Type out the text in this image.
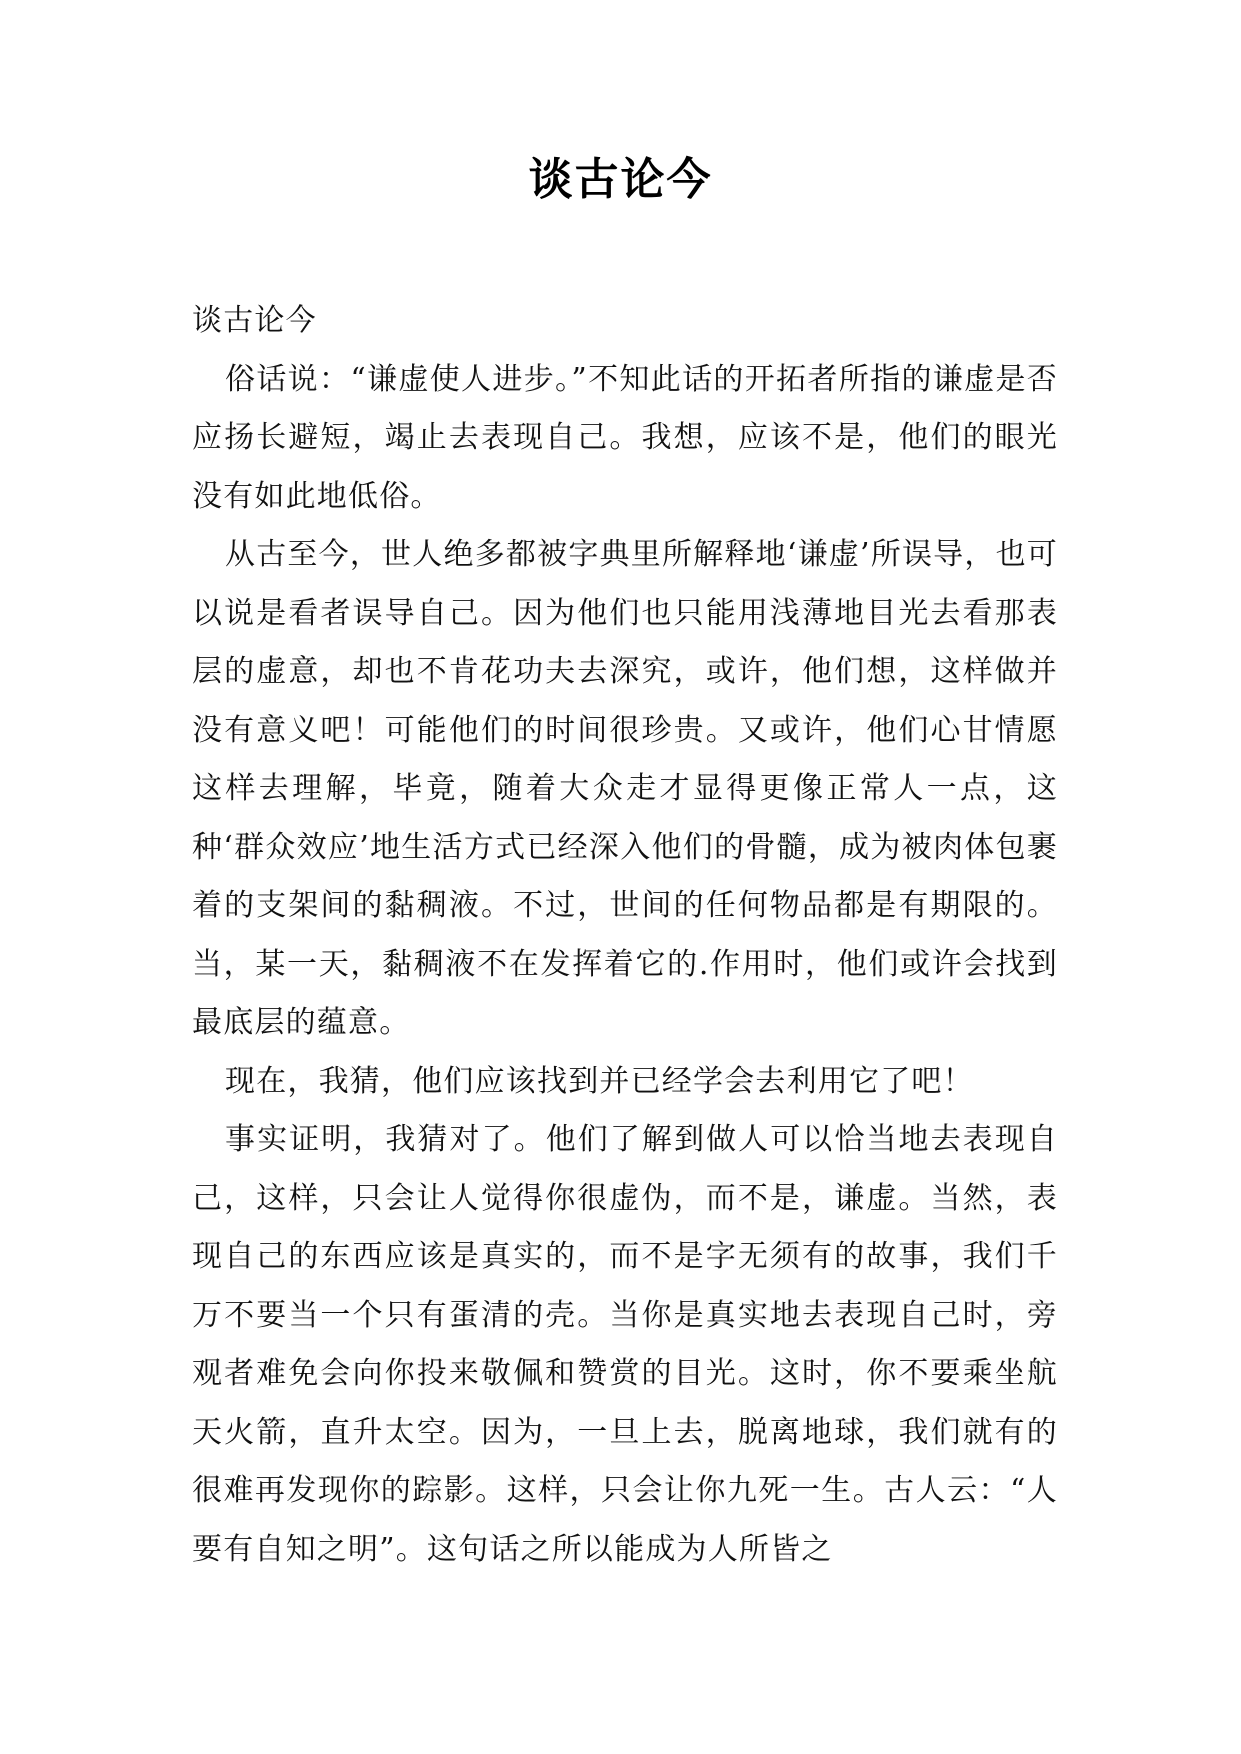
谈古论今

谈古论今

俗话说：“谦虚使人进步。”不知此话的开拓者所指的谦虚是否应扬长避短，竭止去表现自己。我想，应该不是，他们的眼光没有如此地低俗。

从古至今，世人绝多都被字典里所解释地‘谦虚’所误导，也可以说是看者误导自己。因为他们也只能用浅薄地目光去看那表层的虚意，却也不肯花功夫去深究，或许，他们想，这样做并没有意义吧！可能他们的时间很珍贵。又或许，他们心甘情愿这样去理解，毕竟，随着大众走才显得更像正常人一点，这种‘群众效应’地生活方式已经深入他们的骨髓，成为被肉体包裹着的支架间的黏稠液。不过，世间的任何物品都是有期限的。当，某一天，黏稠液不在发挥着它的.作用时，他们或许会找到最底层的蕴意。

现在，我猜，他们应该找到并已经学会去利用它了吧！

事实证明，我猜对了。他们了解到做人可以恰当地去表现自己，这样，只会让人觉得你很虚伪，而不是，谦虚。当然，表现自己的东西应该是真实的，而不是字无须有的故事，我们千万不要当一个只有蛋清的壳。当你是真实地去表现自己时，旁观者难免会向你投来敬佩和赞赏的目光。这时，你不要乘坐航天火箭，直升太空。因为，一旦上去，脱离地球，我们就有的很难再发现你的踪影。这样，只会让你九死一生。古人云：“人要有自知之明”。这句话之所以能成为人所皆之
